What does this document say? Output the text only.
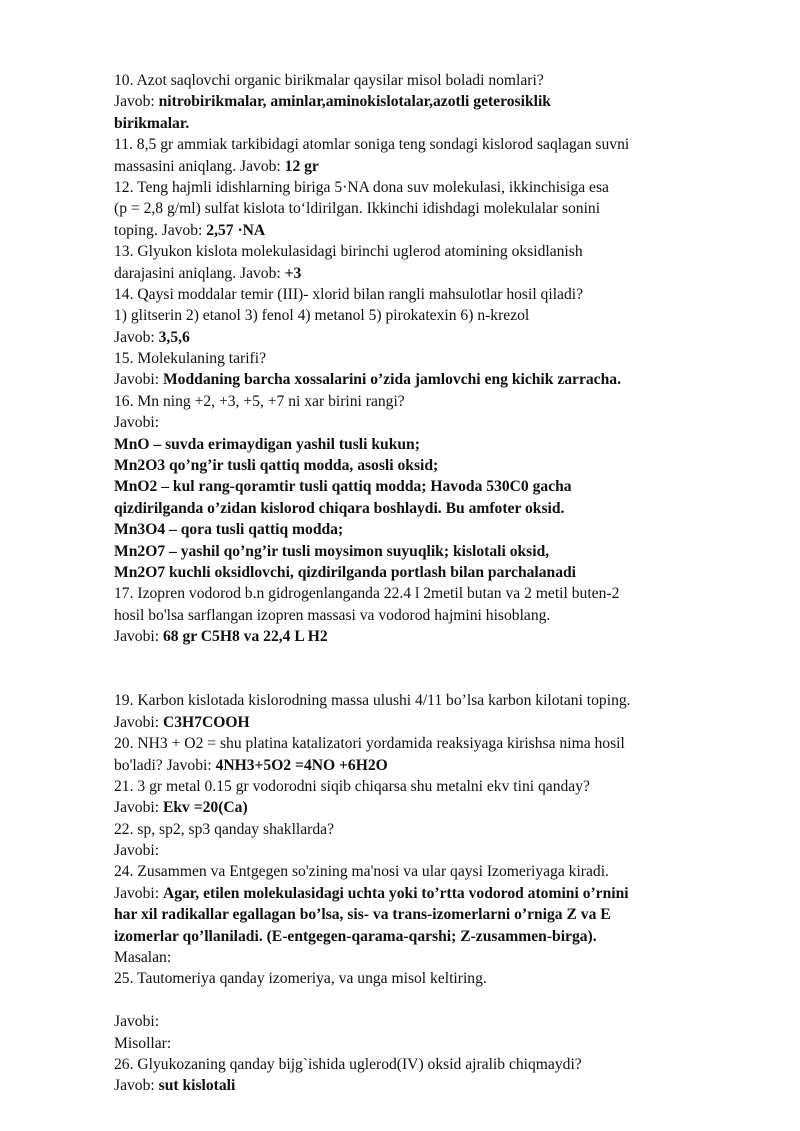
10. Azot saqlovchi organic birikmalar qaysilar misol boladi nomlari?
Javob: nitrobirikmalar, aminlar,aminokislotalar,azotli geterosiklik
birikmalar.
11. 8,5 gr ammiak tarkibidagi atomlar soniga teng sondagi kislorod saqlagan suvni
massasini aniqlang. Javob: 12 gr
12. Teng hajmli idishlarning biriga 5·NA dona suv molekulasi, ikkinchisiga esa
(p = 2,8 g/ml) sulfat kislota to‘ldirilgan. Ikkinchi idishdagi molekulalar sonini
toping. Javob: 2,57 ·NA
13. Glyukon kislota molekulasidagi birinchi uglerod atomining oksidlanish
darajasini aniqlang. Javob: +3
14. Qaysi moddalar temir (III)- xlorid bilan rangli mahsulotlar hosil qiladi?
1) glitserin 2) etanol 3) fenol 4) metanol 5) pirokatexin 6) n-krezol
Javob: 3,5,6
15. Molekulaning tarifi?
Javobi: Moddaning barcha xossalarini o’zida jamlovchi eng kichik zarracha.
16. Mn ning +2, +3, +5, +7 ni xar birini rangi?
Javobi:
MnO – suvda erimaydigan yashil tusli kukun;
Mn2O3 qo’ng’ir tusli qattiq modda, asosli oksid;
MnO2 – kul rang-qoramtir tusli qattiq modda; Havoda 530C0 gacha
qizdirilganda o’zidan kislorod chiqara boshlaydi. Bu amfoter oksid.
Mn3O4 – qora tusli qattiq modda;
Mn2O7 – yashil qo’ng’ir tusli moysimon suyuqlik; kislotali oksid,
Mn2O7 kuchli oksidlovchi, qizdirilganda portlash bilan parchalanadi
17. Izopren vodorod b.n gidrogenlanganda 22.4 l 2metil butan va 2 metil buten-2
hosil bo'lsa sarflangan izopren massasi va vodorod hajmini hisoblang.
Javobi: 68 gr C5H8 va 22,4 L H2
19. Karbon kislotada kislorodning massa ulushi 4/11 bo’lsa karbon kilotani toping.
Javobi: C3H7COOH
20. NH3 + O2 = shu platina katalizatori yordamida reaksiyaga kirishsa nima hosil
bo'ladi? Javobi: 4NH3+5O2 =4NO +6H2O
21. 3 gr metal 0.15 gr vodorodni siqib chiqarsa shu metalni ekv tini qanday?
Javobi: Ekv =20(Ca)
22. sp, sp2, sp3 qanday shakllarda?
Javobi:
24. Zusammen va Entgegen so'zining ma'nosi va ular qaysi Izomeriyaga kiradi.
Javobi: Agar, etilen molekulasidagi uchta yoki to’rtta vodorod atomini o’rnini
har xil radikallar egallagan bo’lsa, sis- va trans-izomerlarni o’rniga Z va E
izomerlar qo’llaniladi. (E-entgegen-qarama-qarshi; Z-zusammen-birga).
Masalan:
25. Tautomeriya qanday izomeriya, va unga misol keltiring.
Javobi:
Misollar:
26. Glyukozaning qanday bijg`ishida uglerod(IV) oksid ajralib chiqmaydi?
Javob: sut kislotali
